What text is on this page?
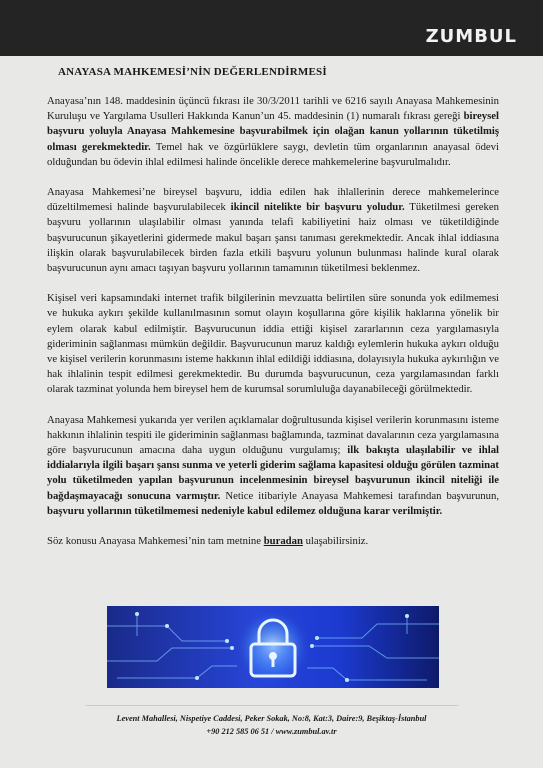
ZUMBUL
ANAYASA MAHKEMESİ’NİN DEĞERLENDİRMESİ

Anayasa’nın 148. maddesinin üçüncü fıkrası ile 30/3/2011 tarihli ve 6216 sayılı Anayasa Mahkemesinin Kuruluşu ve Yargılama Usulleri Hakkında Kanun’un 45. maddesinin (1) numaralı fıkrası gereği bireysel başvuru yoluyla Anayasa Mahkemesine başvurabilmek için olağan kanun yollarının tüketilmiş olması gerekmektedir. Temel hak ve özgürlüklere saygı, devletin tüm organlarının anayasal ödevi olduğundan bu ödevin ihlal edilmesi halinde öncelikle derece mahkemelerine başvurulmalıdır.

Anayasa Mahkemesi’ne bireysel başvuru, iddia edilen hak ihlallerinin derece mahkemelerince düzeltilmemesi halinde başvurulabilecek ikincil nitelikte bir başvuru yoludur. Tüketilmesi gereken başvuru yollarının ulaşılabilir olması yanında telafi kabiliyetini haiz olması ve tüketildiğinde başvurucunun şikayetlerini gidermede makul başarı şansı tanıması gerekmektedir. Ancak ihlal iddiasına ilişkin olarak başvurulabilecek birden fazla etkili başvuru yolunun bulunması halinde kural olarak başvurucunun aynı amacı taşıyan başvuru yollarının tamamının tüketilmesi beklenmez.

Kişisel veri kapsamındaki internet trafik bilgilerinin mevzuatta belirtilen süre sonunda yok edilmemesi ve hukuka aykırı şekilde kullanılmasının somut olayın koşullarına göre kişilik haklarına yönelik bir eylem olarak kabul edilmiştir. Başvurucunun iddia ettiği kişisel zararlarının ceza yargılamasıyla gideriminin sağlanması mümkün değildir. Başvurucunun maruz kaldığı eylemlerin hukuka aykırı olduğu ve kişisel verilerin korunmasını isteme hakkının ihlal edildiği iddiasına, dolayısıyla hukuka aykırılığın ve hak ihlalinin tespit edilmesi gerekmektedir. Bu durumda başvurucunun, ceza yargılamasından farklı olarak tazminat yolunda hem bireysel hem de kurumsal sorumluluğa dayanabileceği görülmektedir.

Anayasa Mahkemesi yukarıda yer verilen açıklamalar doğrultusunda kişisel verilerin korunmasını isteme hakkının ihlalinin tespiti ile gideriminin sağlanması bağlamında, tazminat davalarının ceza yargılamasına göre başvurucunun amacına daha uygun olduğunu vurgulamış; ilk bakışta ulaşılabilir ve ihlal iddialarıyla ilgili başarı şansı sunma ve yeterli giderim sağlama kapasitesi olduğu görülen tazminat yolu tüketilmeden yapılan başvurunun incelenmesinin bireysel başvurunun ikincil niteliği ile bağdaşmayacağı sonucuna varmıştır. Netice itibariyle Anayasa Mahkemesi tarafından başvurunun, başvuru yollarının tüketilmemesi nedeniyle kabul edilemez olduğuna karar verilmiştir.

Söz konusu Anayasa Mahkemesi’nin tam metnine buradan ulaşabilirsiniz.

Levent Mahallesi, Nispetiye Caddesi, Peker Sokak, No:8, Kat:3, Daire:9, Beşiktaş-İstanbul
+90 212 585 06 51 / www.zumbul.av.tr
